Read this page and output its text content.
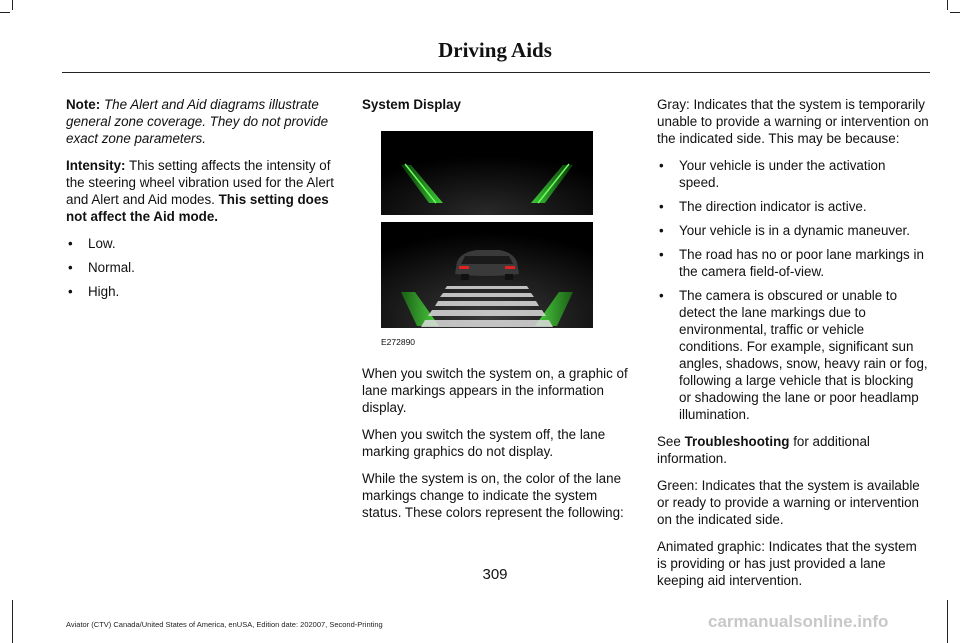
Driving Aids

Note: The Alert and Aid diagrams illustrate general zone coverage. They do not provide exact zone parameters.

Intensity: This setting affects the intensity of the steering wheel vibration used for the Alert and Alert and Aid modes. This setting does not affect the Aid mode.

• Low.
• Normal.
• High.

System Display

E272890

When you switch the system on, a graphic of lane markings appears in the information display.

When you switch the system off, the lane marking graphics do not display.

While the system is on, the color of the lane markings change to indicate the system status. These colors represent the following:

Gray: Indicates that the system is temporarily unable to provide a warning or intervention on the indicated side. This may be because:

• Your vehicle is under the activation speed.
• The direction indicator is active.
• Your vehicle is in a dynamic maneuver.
• The road has no or poor lane markings in the camera field-of-view.
• The camera is obscured or unable to detect the lane markings due to environmental, traffic or vehicle conditions. For example, significant sun angles, shadows, snow, heavy rain or fog, following a large vehicle that is blocking or shadowing the lane or poor headlamp illumination.

See Troubleshooting for additional information.

Green: Indicates that the system is available or ready to provide a warning or intervention on the indicated side.

Animated graphic: Indicates that the system is providing or has just provided a lane keeping aid intervention.

309
Aviator (CTV) Canada/United States of America, enUSA, Edition date: 202007, Second-Printing	carmanualsonline.info
